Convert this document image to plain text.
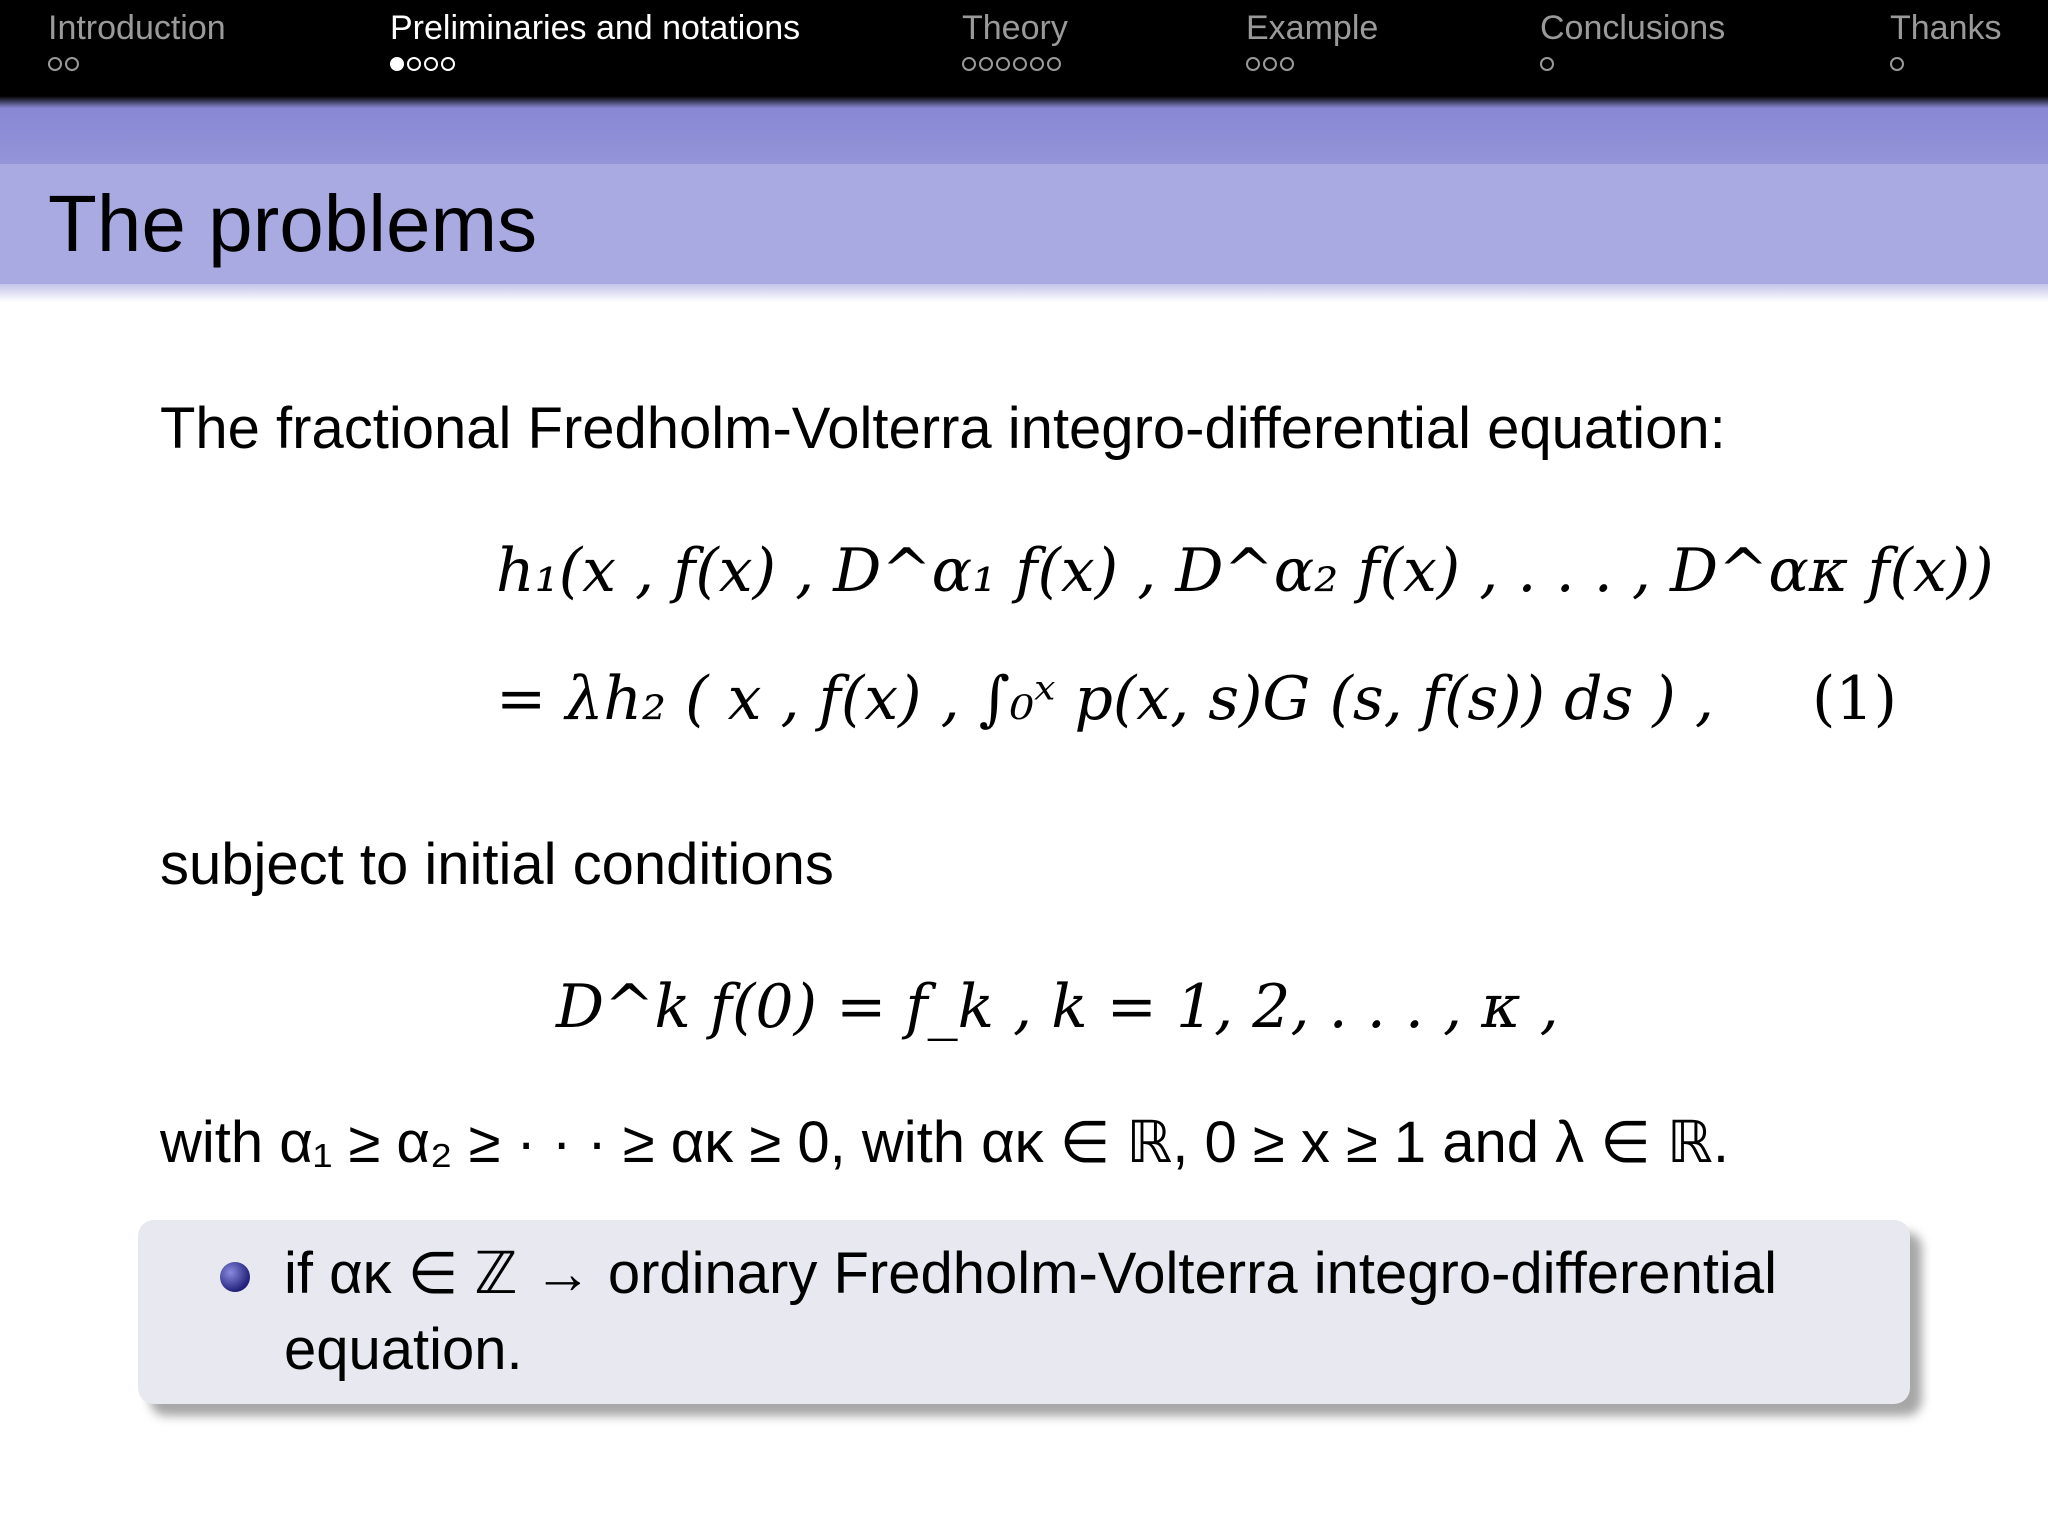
Introduction	Preliminaries and notations	Theory	Example	Conclusions	Thanks
The problems
The fractional Fredholm-Volterra integro-differential equation:
h₁(x , f(x) , D^α₁ f(x) , D^α₂ f(x) , . . . , D^ακ f(x))
= λh₂ ( x , f(x) , ∫₀ˣ p(x, s)G (s, f(s)) ds ) , (1)
subject to initial conditions
D^k f(0) = f_k , k = 1, 2, . . . , κ ,
with α₁ ≥ α₂ ≥ · · · ≥ ακ ≥ 0, with ακ ∈ ℝ, 0 ≥ x ≥ 1 and λ ∈ ℝ.
if ακ ∈ ℤ → ordinary Fredholm-Volterra integro-differential
equation.
